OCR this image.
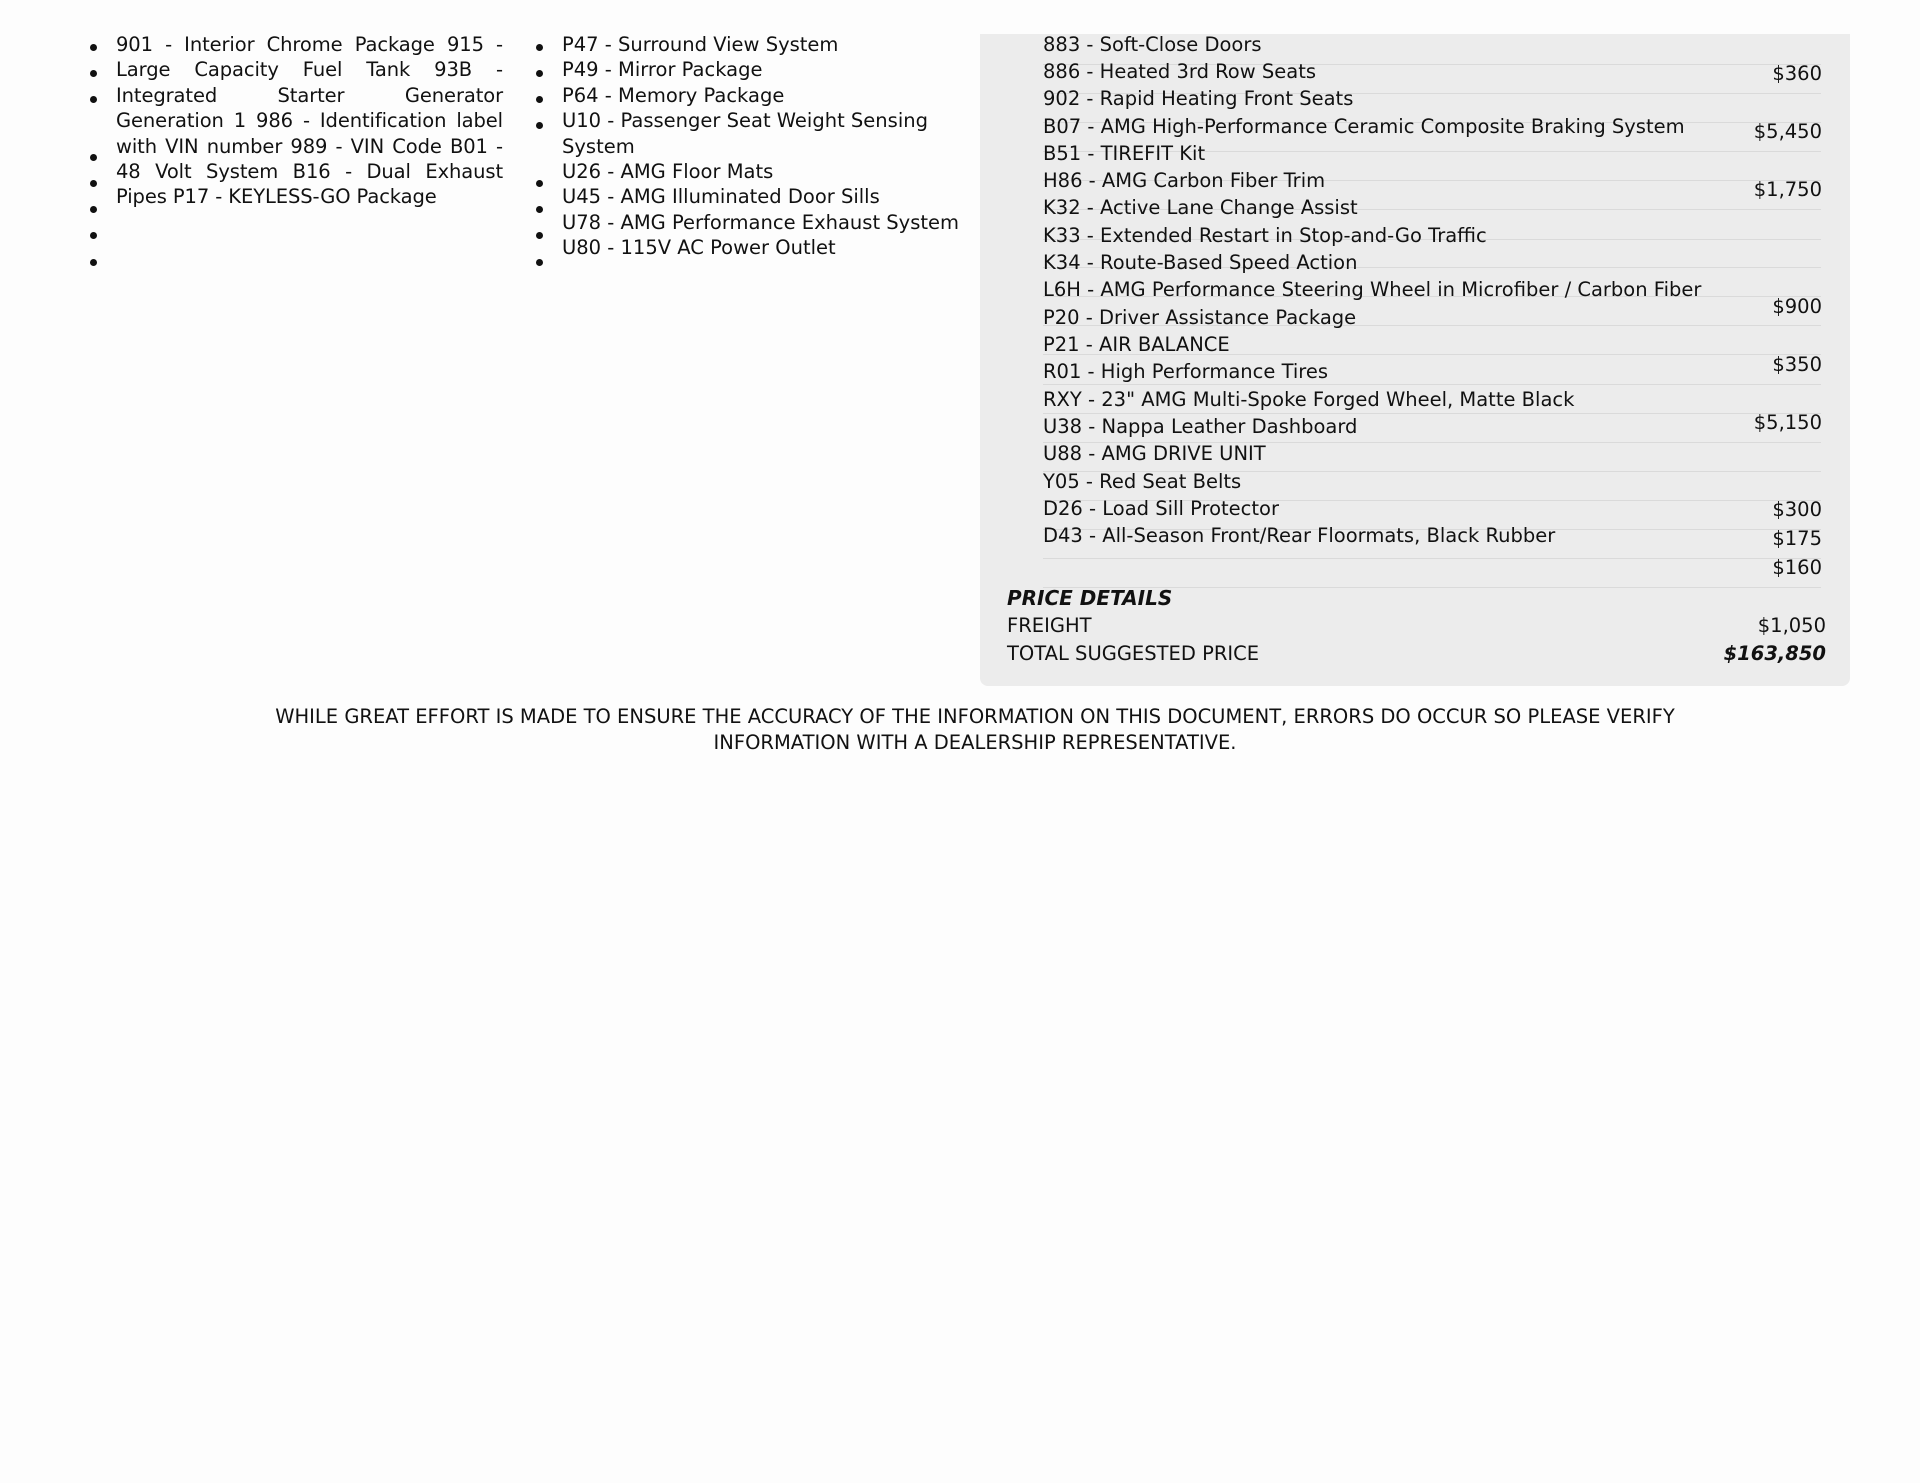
901 - Interior Chrome Package 915 - Large Capacity Fuel Tank 93B - Integrated Starter Generator Generation 1 986 - Identification label with VIN number 989 - VIN Code B01 - 48 Volt System B16 - Dual Exhaust Pipes P17 - KEYLESS-GO Package
P47 - Surround View System
P49 - Mirror Package
P64 - Memory Package
U10 - Passenger Seat Weight Sensing
System
U26 - AMG Floor Mats
U45 - AMG Illuminated Door Sills
U78 - AMG Performance Exhaust System
U80 - 115V AC Power Outlet
883 - Soft-Close Doors
886 - Heated 3rd Row Seats
902 - Rapid Heating Front Seats
B07 - AMG High-Performance Ceramic Composite Braking System
B51 - TIREFIT Kit
H86 - AMG Carbon Fiber Trim
K32 - Active Lane Change Assist
K33 - Extended Restart in Stop-and-Go Traffic
K34 - Route-Based Speed Action
L6H - AMG Performance Steering Wheel in Microfiber / Carbon Fiber
P20 - Driver Assistance Package
P21 - AIR BALANCE
R01 - High Performance Tires
RXY - 23" AMG Multi-Spoke Forged Wheel, Matte Black
U38 - Nappa Leather Dashboard
U88 - AMG DRIVE UNIT
Y05 - Red Seat Belts
D26 - Load Sill Protector
D43 - All-Season Front/Rear Floormats, Black Rubber
$360
$5,450
$1,750
$900
$350
$5,150
$300
$175
$160
PRICE DETAILS
FREIGHT	$1,050
TOTAL SUGGESTED PRICE	$163,850
WHILE GREAT EFFORT IS MADE TO ENSURE THE ACCURACY OF THE INFORMATION ON THIS DOCUMENT, ERRORS DO OCCUR SO PLEASE VERIFY
INFORMATION WITH A DEALERSHIP REPRESENTATIVE.
